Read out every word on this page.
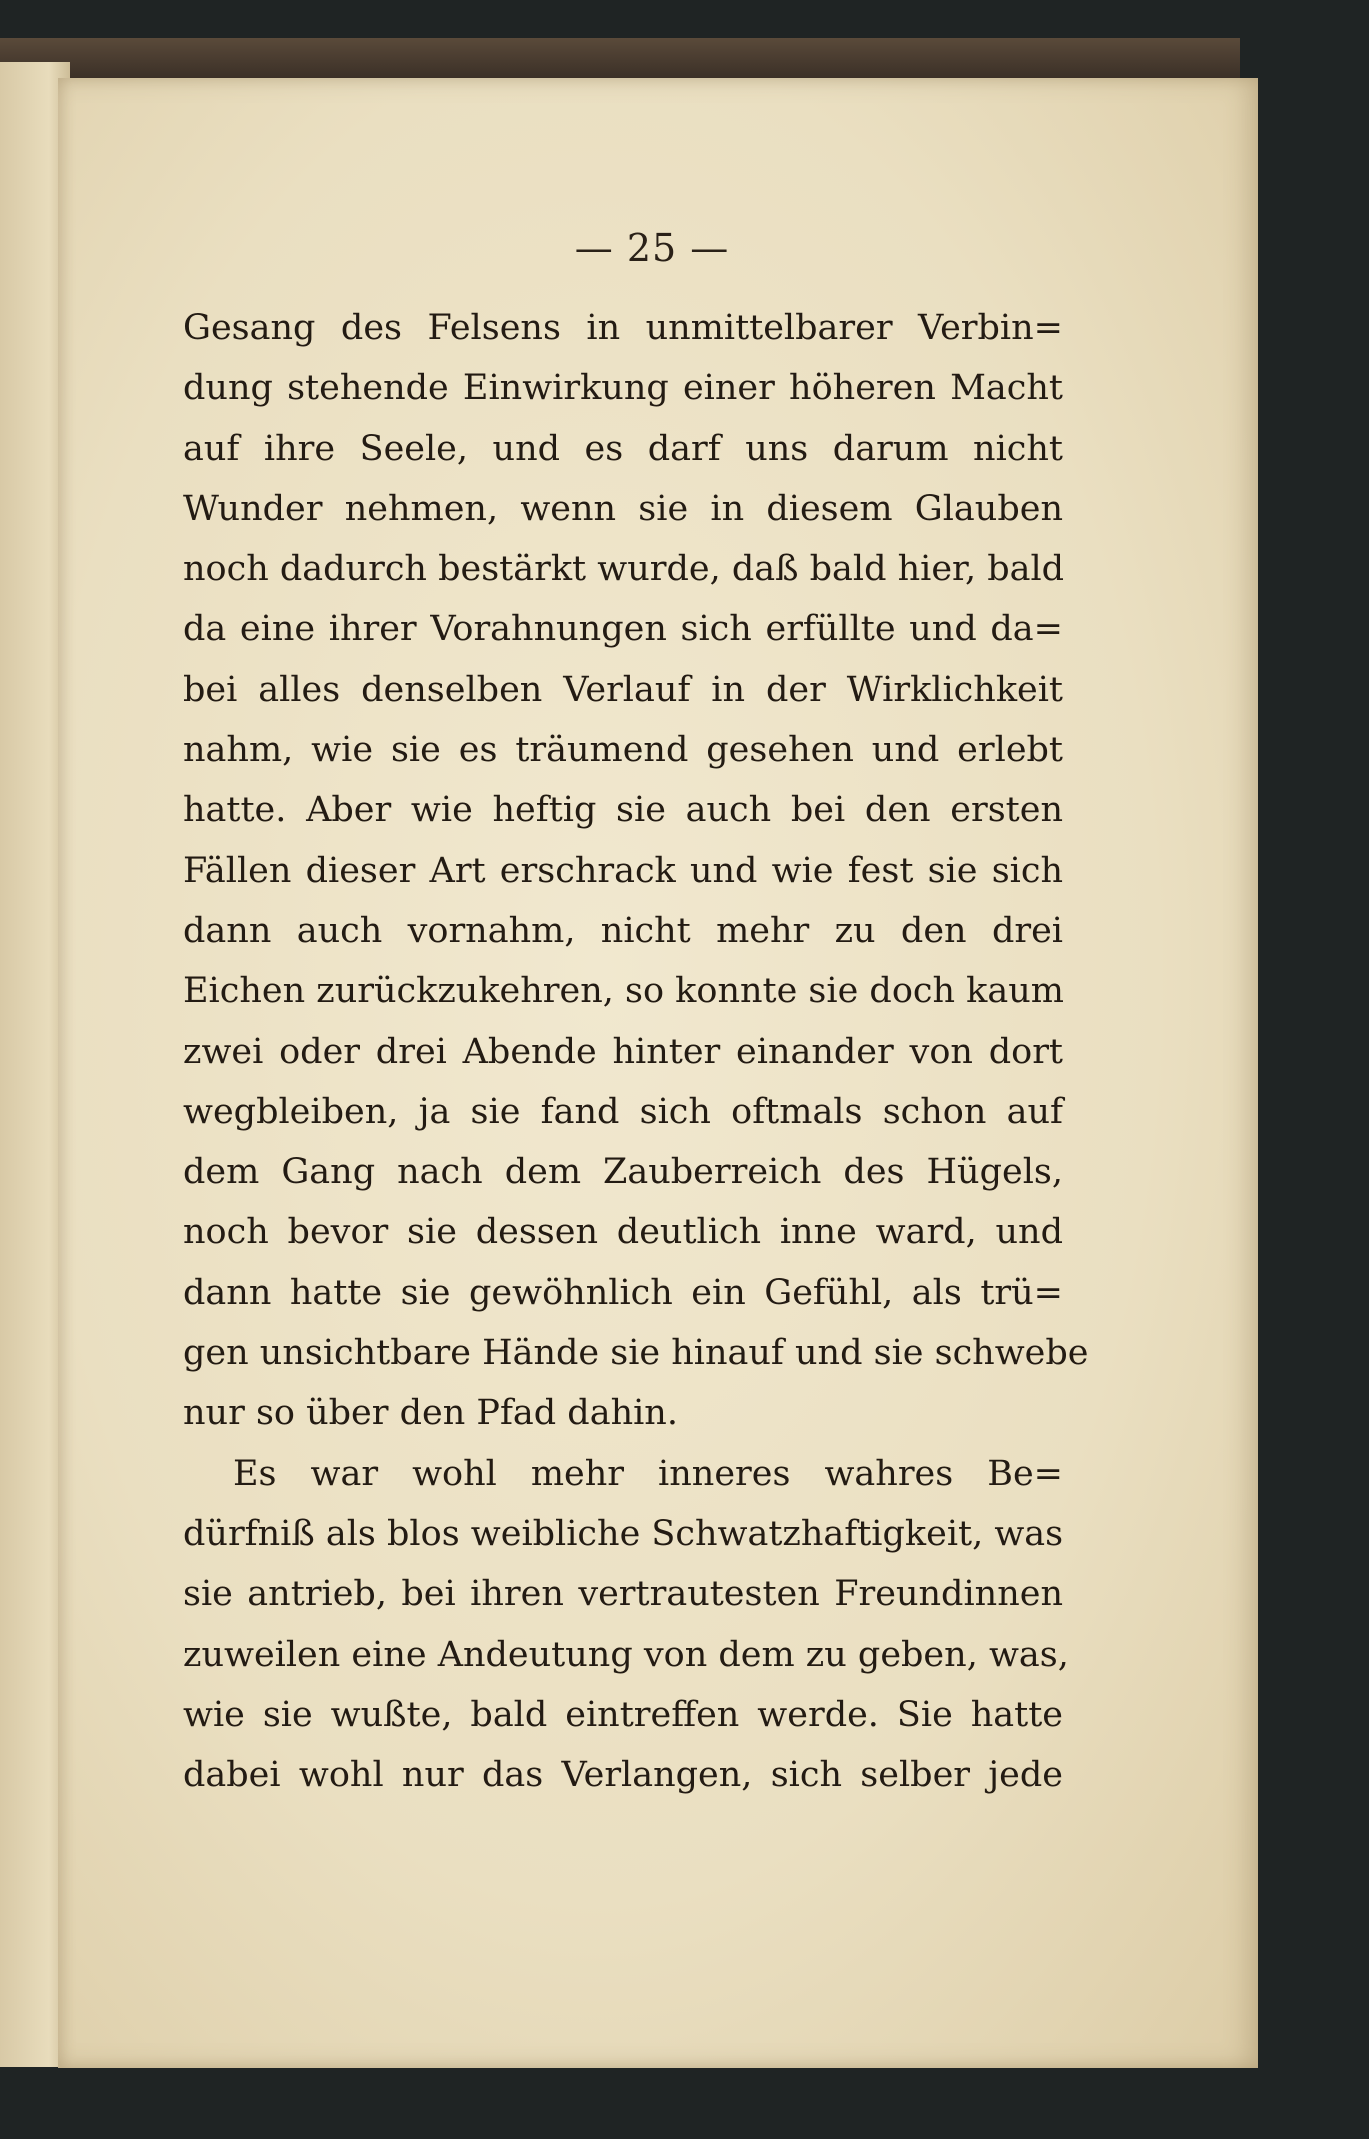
— 25 —
Gesang des Felsens in unmittelbarer Verbin=
dung stehende Einwirkung einer höheren Macht
auf ihre Seele, und es darf uns darum nicht
Wunder nehmen, wenn sie in diesem Glauben
noch dadurch bestärkt wurde, daß bald hier, bald
da eine ihrer Vorahnungen sich erfüllte und da=
bei alles denselben Verlauf in der Wirklichkeit
nahm, wie sie es träumend gesehen und erlebt
hatte. Aber wie heftig sie auch bei den ersten
Fällen dieser Art erschrack und wie fest sie sich
dann auch vornahm, nicht mehr zu den drei
Eichen zurückzukehren, so konnte sie doch kaum
zwei oder drei Abende hinter einander von dort
wegbleiben, ja sie fand sich oftmals schon auf
dem Gang nach dem Zauberreich des Hügels,
noch bevor sie dessen deutlich inne ward, und
dann hatte sie gewöhnlich ein Gefühl, als trü=
gen unsichtbare Hände sie hinauf und sie schwebe
nur so über den Pfad dahin.
Es war wohl mehr inneres wahres Be=
dürfniß als blos weibliche Schwatzhaftigkeit, was
sie antrieb, bei ihren vertrautesten Freundinnen
zuweilen eine Andeutung von dem zu geben, was,
wie sie wußte, bald eintreffen werde. Sie hatte
dabei wohl nur das Verlangen, sich selber jede
